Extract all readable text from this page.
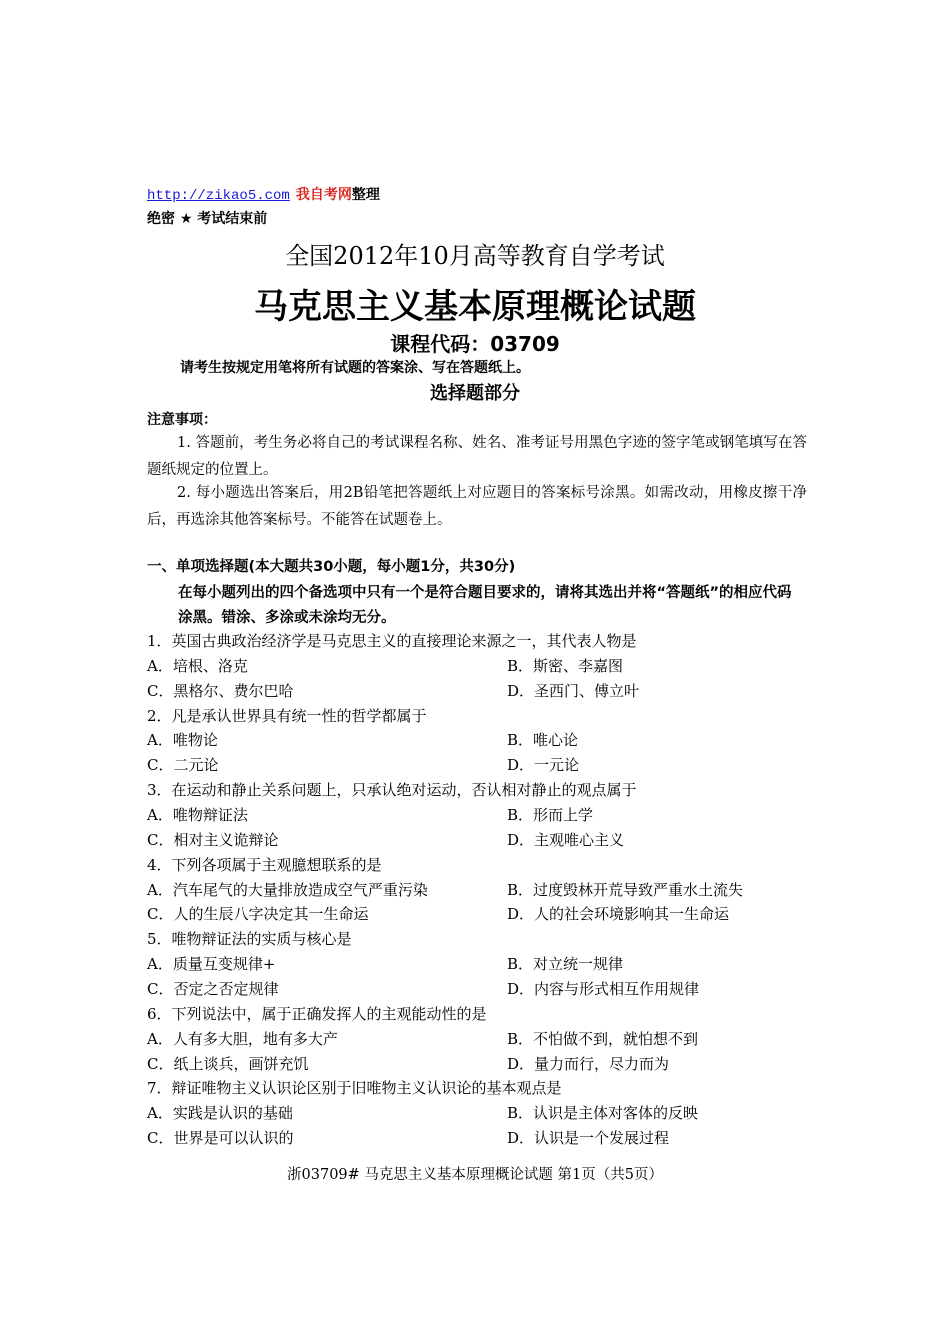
http://zikao5.com 我自考网整理
绝密 ★ 考试结束前
全国2012年10月高等教育自学考试
马克思主义基本原理概论试题
课程代码：03709
请考生按规定用笔将所有试题的答案涂、写在答题纸上。
选择题部分
注意事项：
1. 答题前，考生务必将自己的考试课程名称、姓名、准考证号用黑色字迹的签字笔或钢笔填写在答题纸规定的位置上。
2. 每小题选出答案后，用2B铅笔把答题纸上对应题目的答案标号涂黑。如需改动，用橡皮擦干净后，再选涂其他答案标号。不能答在试题卷上。
一、单项选择题(本大题共30小题，每小题1分，共30分)
在每小题列出的四个备选项中只有一个是符合题目要求的，请将其选出并将“答题纸”的相应代码涂黑。错涂、多涂或未涂均无分。
1．英国古典政治经济学是马克思主义的直接理论来源之一，其代表人物是
A．培根、洛克	B．斯密、李嘉图
C．黑格尔、费尔巴哈	D．圣西门、傅立叶
2．凡是承认世界具有统一性的哲学都属于
A．唯物论	B．唯心论
C．二元论	D．一元论
3．在运动和静止关系问题上，只承认绝对运动，否认相对静止的观点属于
A．唯物辩证法	B．形而上学
C．相对主义诡辩论	D．主观唯心主义
4．下列各项属于主观臆想联系的是
A．汽车尾气的大量排放造成空气严重污染	B．过度毁林开荒导致严重水土流失
C．人的生辰八字决定其一生命运	D．人的社会环境影响其一生命运
5．唯物辩证法的实质与核心是
A．质量互变规律+	B．对立统一规律
C．否定之否定规律	D．内容与形式相互作用规律
6．下列说法中，属于正确发挥人的主观能动性的是
A．人有多大胆，地有多大产	B．不怕做不到，就怕想不到
C．纸上谈兵，画饼充饥	D．量力而行，尽力而为
7．辩证唯物主义认识论区别于旧唯物主义认识论的基本观点是
A．实践是认识的基础	B．认识是主体对客体的反映
C．世界是可以认识的	D．认识是一个发展过程
浙03709# 马克思主义基本原理概论试题 第1页（共5页）
